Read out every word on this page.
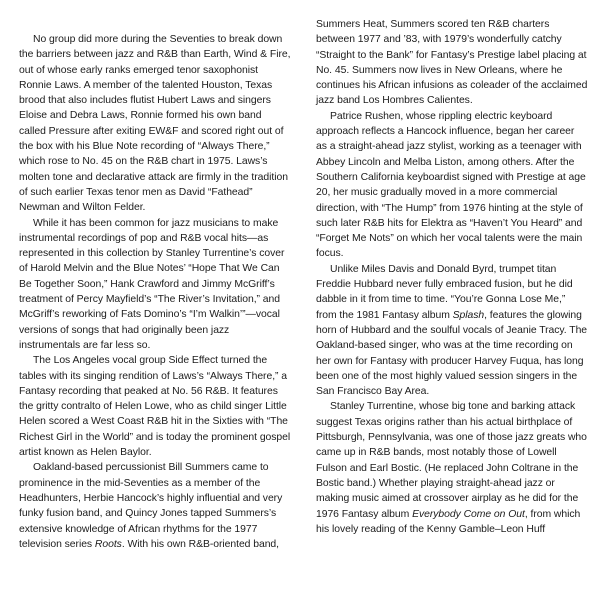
No group did more during the Seventies to break down the barriers between jazz and R&B than Earth, Wind & Fire, out of whose early ranks emerged tenor saxophonist Ronnie Laws. A member of the talented Houston, Texas brood that also includes flutist Hubert Laws and singers Eloise and Debra Laws, Ronnie formed his own band called Pressure after exiting EW&F and scored right out of the box with his Blue Note recording of “Always There,” which rose to No. 45 on the R&B chart in 1975. Laws’s molten tone and declarative attack are firmly in the tradition of such earlier Texas tenor men as David “Fathead” Newman and Wilton Felder.

While it has been common for jazz musicians to make instrumental recordings of pop and R&B vocal hits—as represented in this collection by Stanley Turrentine’s cover of Harold Melvin and the Blue Notes’ “Hope That We Can Be Together Soon,” Hank Crawford and Jimmy McGriff’s treatment of Percy Mayfield’s “The River’s Invitation,” and McGriff’s reworking of Fats Domino’s “I’m Walkin’”—vocal versions of songs that had originally been jazz instrumentals are far less so.

The Los Angeles vocal group Side Effect turned the tables with its singing rendition of Laws’s “Always There,” a Fantasy recording that peaked at No. 56 R&B. It features the gritty contralto of Helen Lowe, who as child singer Little Helen scored a West Coast R&B hit in the Sixties with “The Richest Girl in the World” and is today the prominent gospel artist known as Helen Baylor.

Oakland-based percussionist Bill Summers came to prominence in the mid-Seventies as a member of the Headhunters, Herbie Hancock’s highly influential and very funky fusion band, and Quincy Jones tapped Summers’s extensive knowledge of African rhythms for the 1977 television series Roots. With his own R&B-oriented band,

Summers Heat, Summers scored ten R&B charters between 1977 and ’83, with 1979’s wonderfully catchy “Straight to the Bank” for Fantasy’s Prestige label placing at No. 45. Summers now lives in New Orleans, where he continues his African infusions as coleader of the acclaimed jazz band Los Hombres Calientes.

Patrice Rushen, whose rippling electric keyboard approach reflects a Hancock influence, began her career as a straight-ahead jazz stylist, working as a teenager with Abbey Lincoln and Melba Liston, among others. After the Southern California keyboardist signed with Prestige at age 20, her music gradually moved in a more commercial direction, with “The Hump” from 1976 hinting at the style of such later R&B hits for Elektra as “Haven’t You Heard” and “Forget Me Nots” on which her vocal talents were the main focus.

Unlike Miles Davis and Donald Byrd, trumpet titan Freddie Hubbard never fully embraced fusion, but he did dabble in it from time to time. “You’re Gonna Lose Me,” from the 1981 Fantasy album Splash, features the glowing horn of Hubbard and the soulful vocals of Jeanie Tracy. The Oakland-based singer, who was at the time recording on her own for Fantasy with producer Harvey Fuqua, has long been one of the most highly valued session singers in the San Francisco Bay Area.

Stanley Turrentine, whose big tone and barking attack suggest Texas origins rather than his actual birthplace of Pittsburgh, Pennsylvania, was one of those jazz greats who came up in R&B bands, most notably those of Lowell Fulson and Earl Bostic. (He replaced John Coltrane in the Bostic band.) Whether playing straight-ahead jazz or making music aimed at crossover airplay as he did for the 1976 Fantasy album Everybody Come on Out, from which his lovely reading of the Kenny Gamble–Leon Huff
